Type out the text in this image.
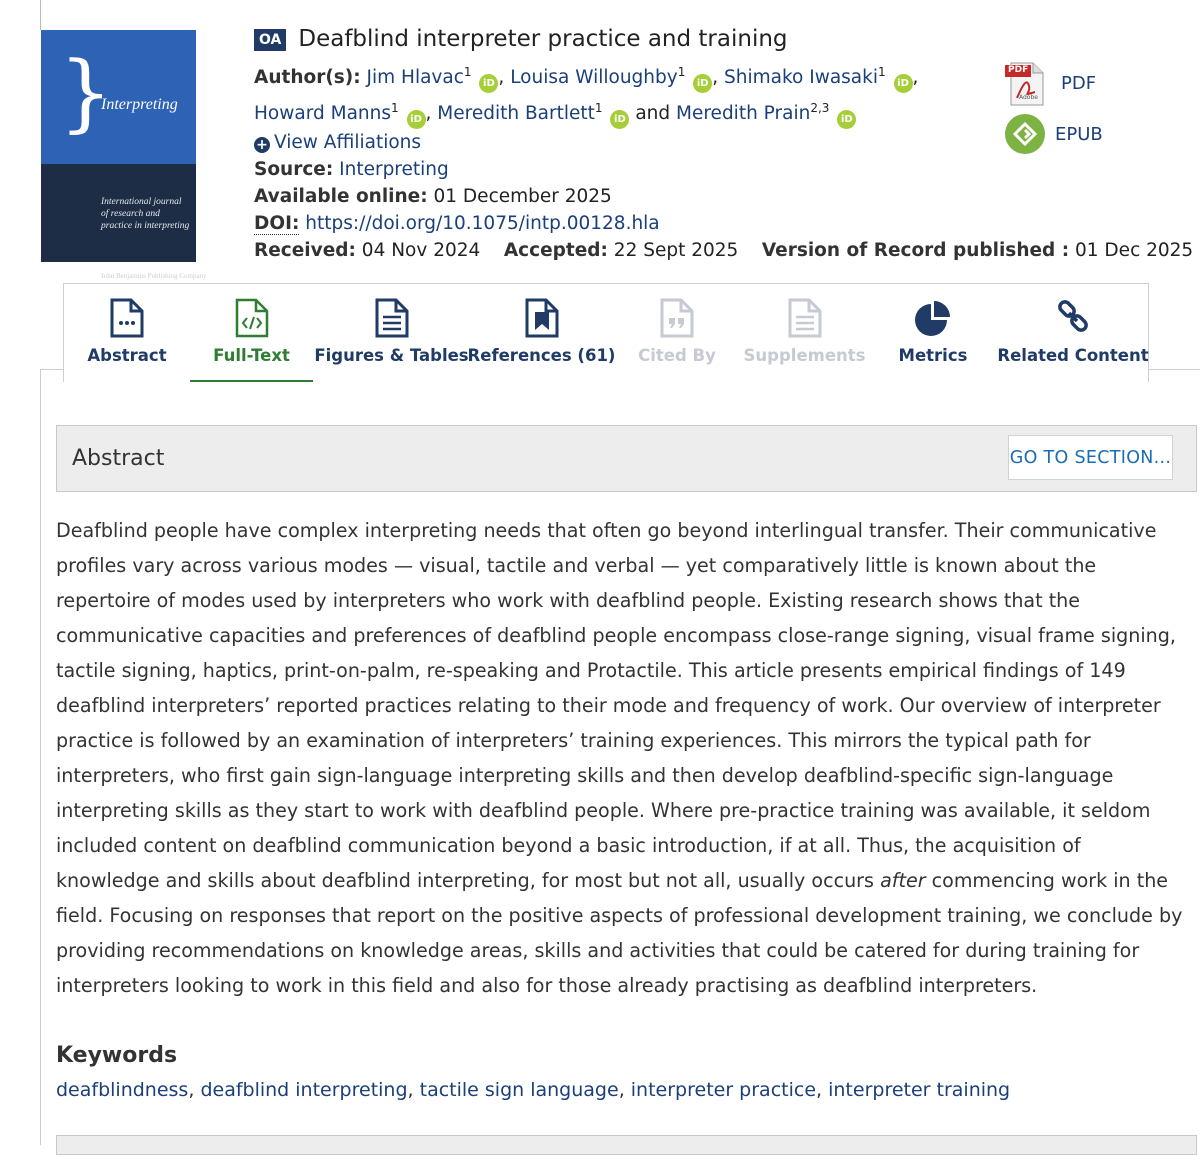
}
Interpreting
International journal of research and practice in interpreting
John Benjamins Publishing Company
OA Deafblind interpreter practice and training
Author(s): Jim Hlavac$^1$ iD , Louisa Willoughby$^1$ iD , Shimako Iwasaki$^1$ iD ,
Howard Manns$^1$ iD , Meredith Bartlett$^1$ iD and Meredith Prain$^{2,3}$ iD
+ View Affiliations
Source: Interpreting
Available online: 01 December 2025
DOI: https://doi.org/10.1075/intp.00128.hla
Received: 04 Nov 2024 Accepted: 22 Sept 2025 Version of Record published : 01 Dec 2025
PDF
Adobe
PDF
EPUB
Abstract	Full-Text Figures & Tables
References (61) Cited By Supplements Metrics Related Content
Abstract	GO TO SECTION...
Deafblind people have complex interpreting needs that often go beyond interlingual transfer. Their communicative profiles vary across various modes — visual, tactile and verbal — yet comparatively little is known about the repertoire of modes used by interpreters who work with deafblind people. Existing research shows that the communicative capacities and preferences of deafblind people encompass close-range signing, visual frame signing, tactile signing, haptics, print-on-palm, re-speaking and Protactile. This article presents empirical findings of 149 deafblind interpreters’ reported practices relating to their mode and frequency of work. Our overview of interpreter practice is followed by an examination of interpreters’ training experiences. This mirrors the typical path for interpreters, who first gain sign-language interpreting skills and then develop deafblind-specific sign-language interpreting skills as they start to work with deafblind people. Where pre-practice training was available, it seldom included content on deafblind communication beyond a basic introduction, if at all. Thus, the acquisition of knowledge and skills about deafblind interpreting, for most but not all, usually occurs after commencing work in the field. Focusing on responses that report on the positive aspects of professional development training, we conclude by providing recommendations on knowledge areas, skills and activities that could be catered for during training for interpreters looking to work in this field and also for those already practising as deafblind interpreters.
Keywords
deafblindness, deafblind interpreting, tactile sign language, interpreter practice, interpreter training
